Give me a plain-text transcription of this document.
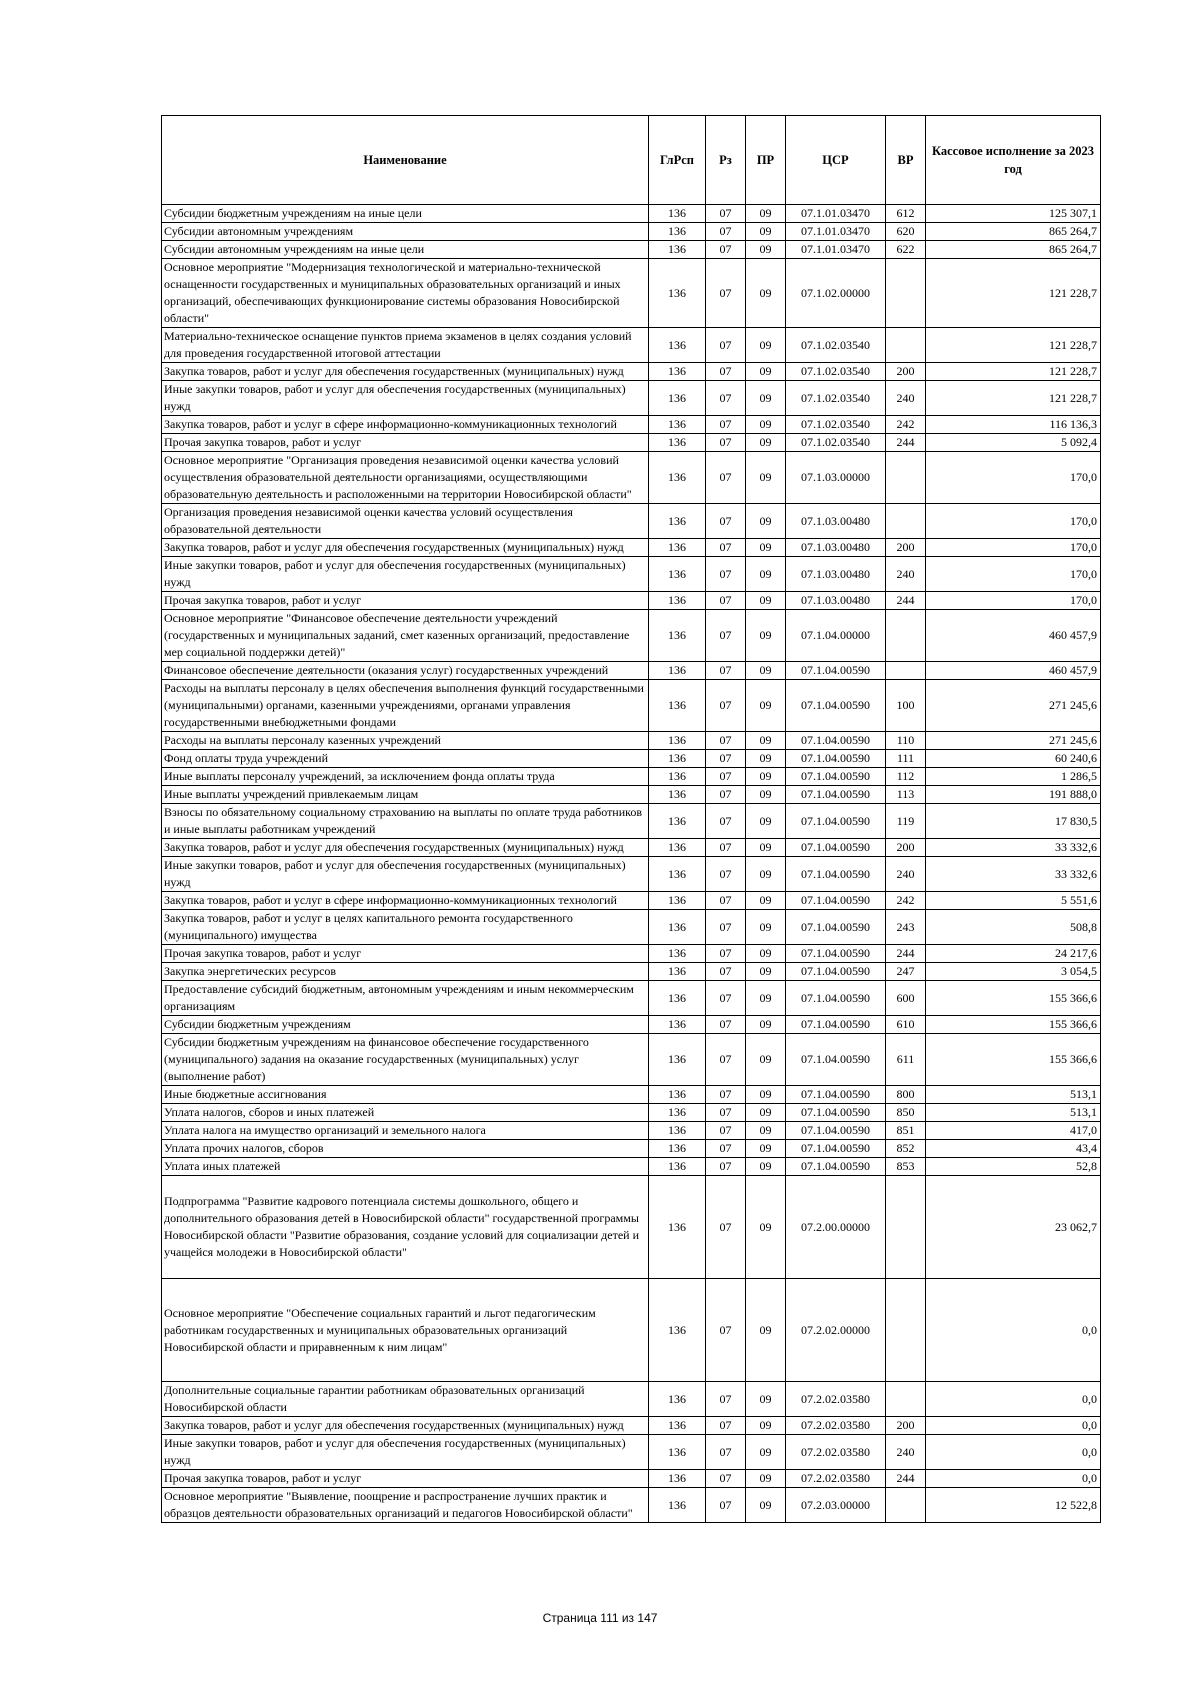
Наименование	ГлРсп	Рз	ПР	ЦСР	ВР	Кассовое исполнение за 2023 год
Субсидии бюджетным учреждениям на иные цели	136	07	09	07.1.01.03470	612	125 307,1
Субсидии автономным учреждениям	136	07	09	07.1.01.03470	620	865 264,7
Субсидии автономным учреждениям на иные цели	136	07	09	07.1.01.03470	622	865 264,7
Основное мероприятие "Модернизация технологической и материально-технической оснащенности государственных и муниципальных образовательных организаций и иных организаций, обеспечивающих функционирование системы образования Новосибирской области"	136	07	09	07.1.02.00000		121 228,7
Материально-техническое оснащение пунктов приема экзаменов в целях создания условий для проведения государственной итоговой аттестации	136	07	09	07.1.02.03540		121 228,7
Закупка товаров, работ и услуг для обеспечения государственных (муниципальных) нужд	136	07	09	07.1.02.03540	200	121 228,7
Иные закупки товаров, работ и услуг для обеспечения государственных (муниципальных) нужд	136	07	09	07.1.02.03540	240	121 228,7
Закупка товаров, работ и услуг в сфере информационно-коммуникационных технологий	136	07	09	07.1.02.03540	242	116 136,3
Прочая закупка товаров, работ и услуг	136	07	09	07.1.02.03540	244	5 092,4
Основное мероприятие "Организация проведения независимой оценки качества условий осуществления образовательной деятельности организациями, осуществляющими образовательную деятельность и расположенными на территории Новосибирской области"	136	07	09	07.1.03.00000		170,0
Организация проведения независимой оценки качества условий осуществления образовательной деятельности	136	07	09	07.1.03.00480		170,0
Закупка товаров, работ и услуг для обеспечения государственных (муниципальных) нужд	136	07	09	07.1.03.00480	200	170,0
Иные закупки товаров, работ и услуг для обеспечения государственных (муниципальных) нужд	136	07	09	07.1.03.00480	240	170,0
Прочая закупка товаров, работ и услуг	136	07	09	07.1.03.00480	244	170,0
Основное мероприятие "Финансовое обеспечение деятельности учреждений (государственных и муниципальных заданий, смет казенных организаций, предоставление мер социальной поддержки детей)"	136	07	09	07.1.04.00000		460 457,9
Финансовое обеспечение деятельности (оказания услуг) государственных учреждений	136	07	09	07.1.04.00590		460 457,9
Расходы на выплаты персоналу в целях обеспечения выполнения функций государственными (муниципальными) органами, казенными учреждениями, органами управления государственными внебюджетными фондами	136	07	09	07.1.04.00590	100	271 245,6
Расходы на выплаты персоналу казенных учреждений	136	07	09	07.1.04.00590	110	271 245,6
Фонд оплаты труда учреждений	136	07	09	07.1.04.00590	111	60 240,6
Иные выплаты персоналу учреждений, за исключением фонда оплаты труда	136	07	09	07.1.04.00590	112	1 286,5
Иные выплаты учреждений привлекаемым лицам	136	07	09	07.1.04.00590	113	191 888,0
Взносы по обязательному социальному страхованию на выплаты по оплате труда работников и иные выплаты работникам учреждений	136	07	09	07.1.04.00590	119	17 830,5
Закупка товаров, работ и услуг для обеспечения государственных (муниципальных) нужд	136	07	09	07.1.04.00590	200	33 332,6
Иные закупки товаров, работ и услуг для обеспечения государственных (муниципальных) нужд	136	07	09	07.1.04.00590	240	33 332,6
Закупка товаров, работ и услуг в сфере информационно-коммуникационных технологий	136	07	09	07.1.04.00590	242	5 551,6
Закупка товаров, работ и услуг в целях капитального ремонта государственного (муниципального) имущества	136	07	09	07.1.04.00590	243	508,8
Прочая закупка товаров, работ и услуг	136	07	09	07.1.04.00590	244	24 217,6
Закупка энергетических ресурсов	136	07	09	07.1.04.00590	247	3 054,5
Предоставление субсидий бюджетным, автономным учреждениям и иным некоммерческим организациям	136	07	09	07.1.04.00590	600	155 366,6
Субсидии бюджетным учреждениям	136	07	09	07.1.04.00590	610	155 366,6
Субсидии бюджетным учреждениям на финансовое обеспечение государственного (муниципального) задания на оказание государственных (муниципальных) услуг (выполнение работ)	136	07	09	07.1.04.00590	611	155 366,6
Иные бюджетные ассигнования	136	07	09	07.1.04.00590	800	513,1
Уплата налогов, сборов и иных платежей	136	07	09	07.1.04.00590	850	513,1
Уплата налога на имущество организаций и земельного налога	136	07	09	07.1.04.00590	851	417,0
Уплата прочих налогов, сборов	136	07	09	07.1.04.00590	852	43,4
Уплата иных платежей	136	07	09	07.1.04.00590	853	52,8
Подпрограмма "Развитие кадрового потенциала системы дошкольного, общего и дополнительного образования детей в Новосибирской области" государственной программы Новосибирской области "Развитие образования, создание условий для социализации детей и учащейся молодежи в Новосибирской области"	136	07	09	07.2.00.00000		23 062,7
Основное мероприятие "Обеспечение социальных гарантий и льгот педагогическим работникам государственных и муниципальных образовательных организаций Новосибирской области и приравненным к ним лицам"	136	07	09	07.2.02.00000		0,0
Дополнительные социальные гарантии работникам образовательных организаций Новосибирской области	136	07	09	07.2.02.03580		0,0
Закупка товаров, работ и услуг для обеспечения государственных (муниципальных) нужд	136	07	09	07.2.02.03580	200	0,0
Иные закупки товаров, работ и услуг для обеспечения государственных (муниципальных) нужд	136	07	09	07.2.02.03580	240	0,0
Прочая закупка товаров, работ и услуг	136	07	09	07.2.02.03580	244	0,0
Основное мероприятие "Выявление, поощрение и распространение лучших практик и образцов деятельности образовательных организаций и педагогов Новосибирской области"	136	07	09	07.2.03.00000		12 522,8
Страница 111 из 147
